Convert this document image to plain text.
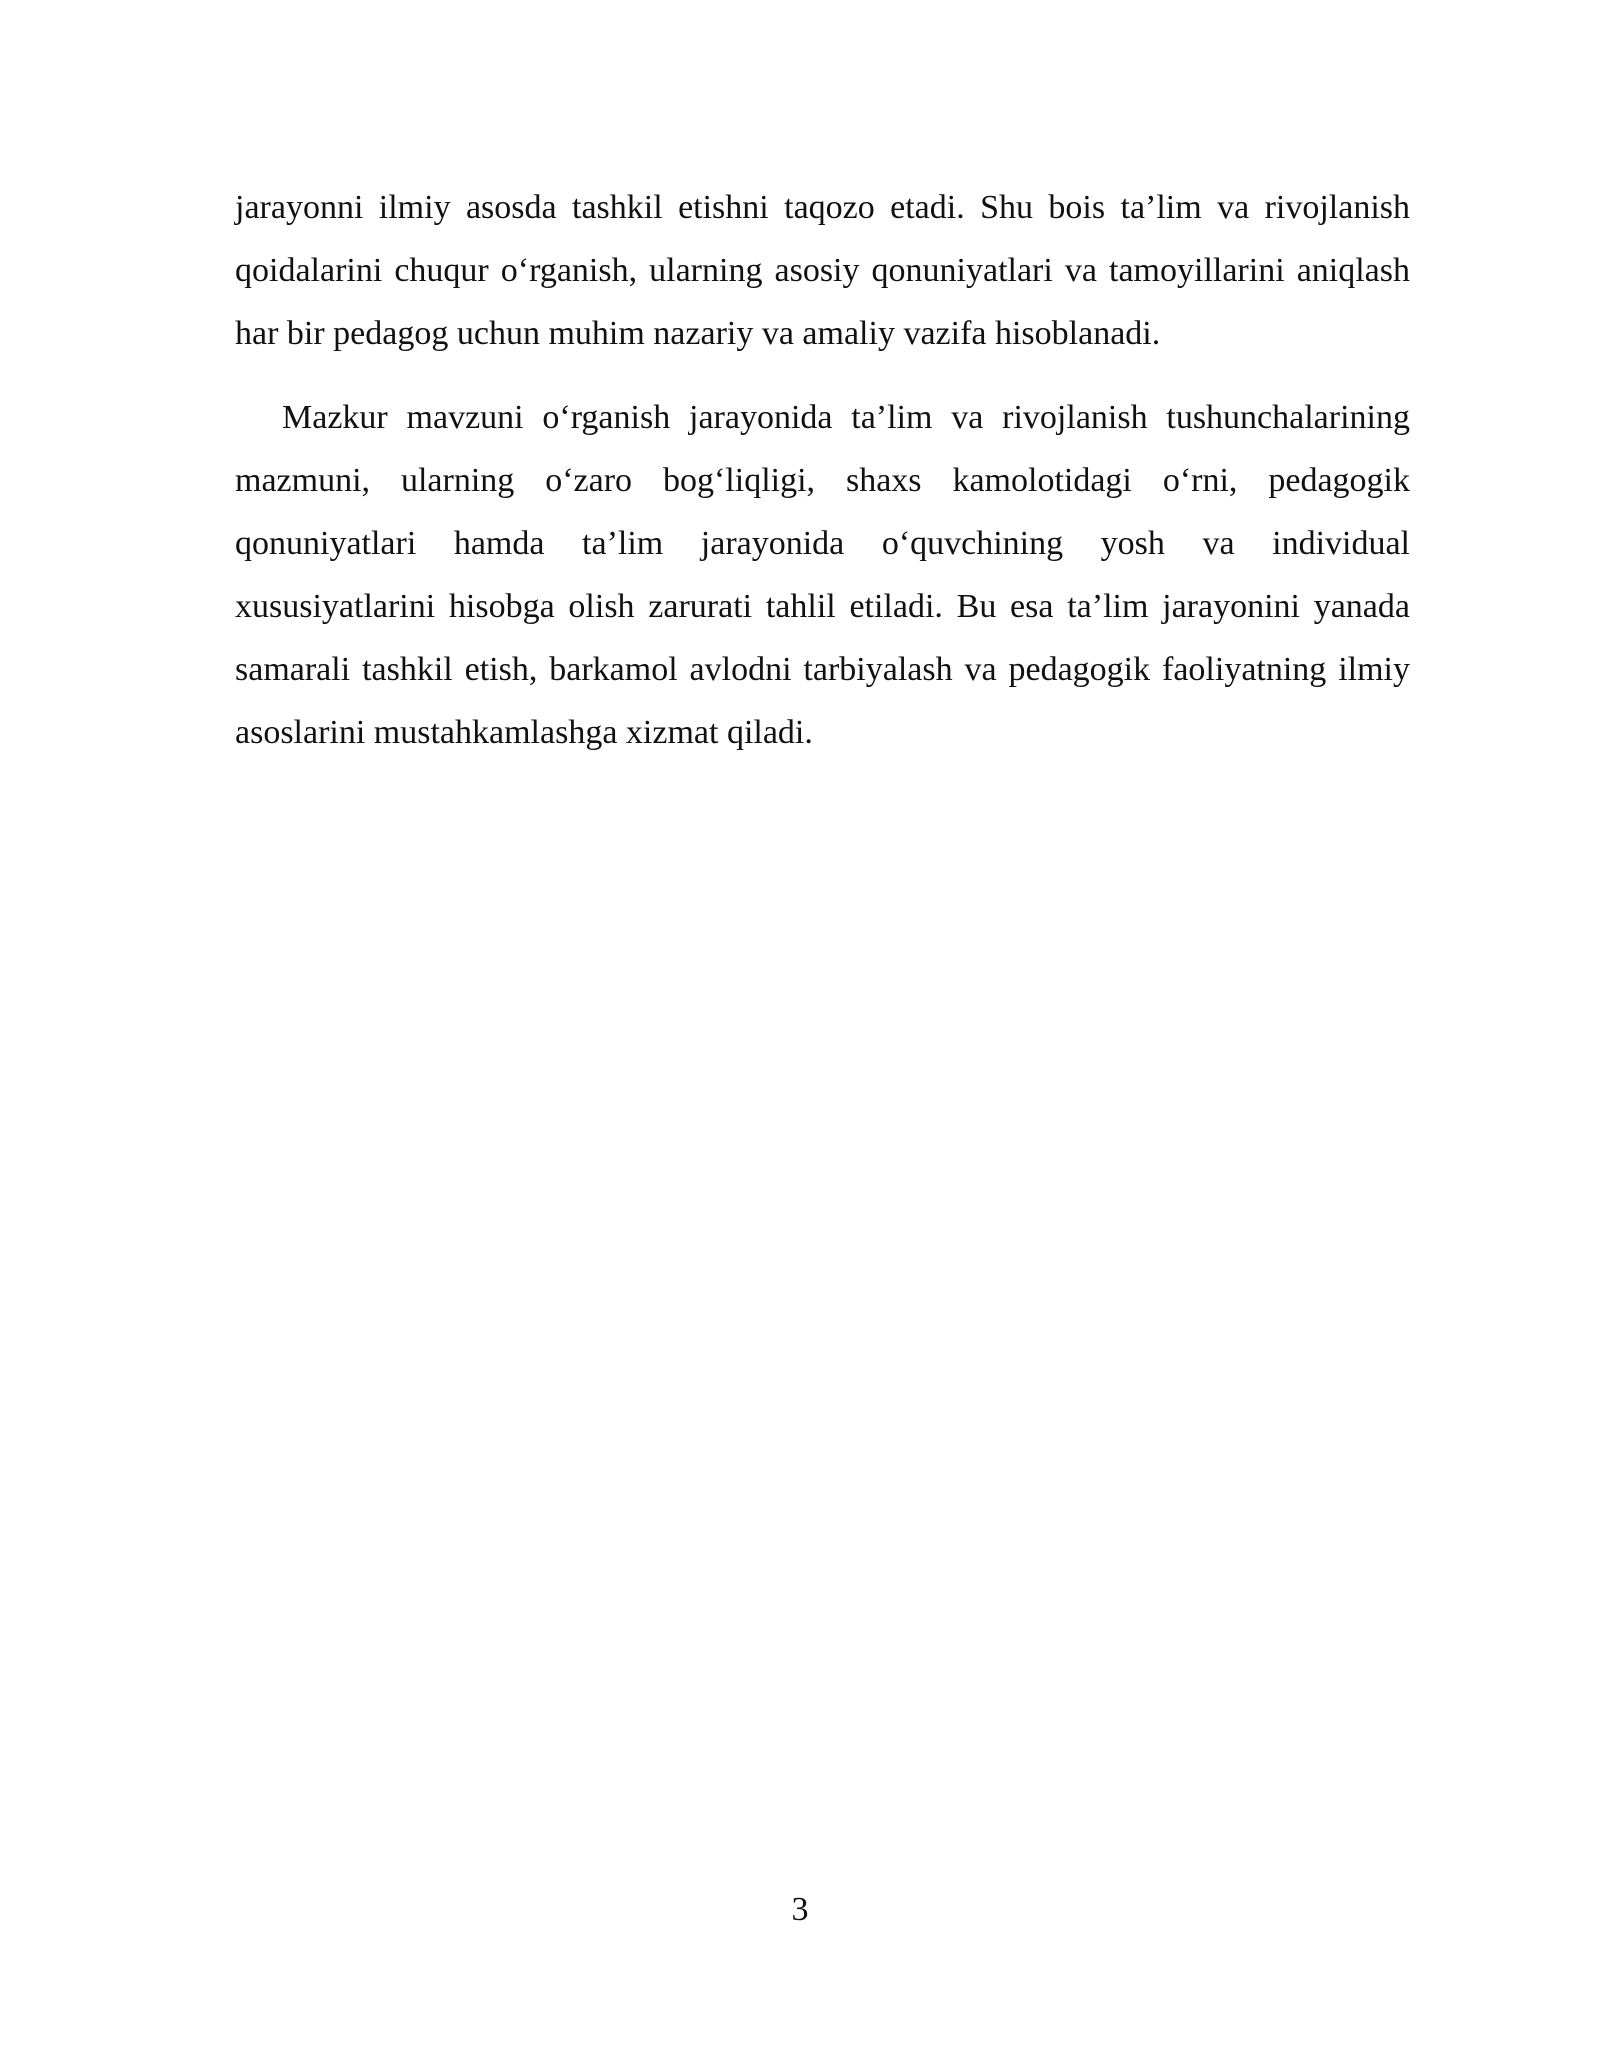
jarayonni ilmiy asosda tashkil etishni taqozo etadi. Shu bois ta’lim va rivojlanish qoidalarini chuqur o‘rganish, ularning asosiy qonuniyatlari va tamoyillarini aniqlash har bir pedagog uchun muhim nazariy va amaliy vazifa hisoblanadi.

Mazkur mavzuni o‘rganish jarayonida ta’lim va rivojlanish tushunchalarining mazmuni, ularning o‘zaro bog‘liqligi, shaxs kamolotidagi o‘rni, pedagogik qonuniyatlari hamda ta’lim jarayonida o‘quvchining yosh va individual xususiyatlarini hisobga olish zarurati tahlil etiladi. Bu esa ta’lim jarayonini yanada samarali tashkil etish, barkamol avlodni tarbiyalash va pedagogik faoliyatning ilmiy asoslarini mustahkamlashga xizmat qiladi.

3
